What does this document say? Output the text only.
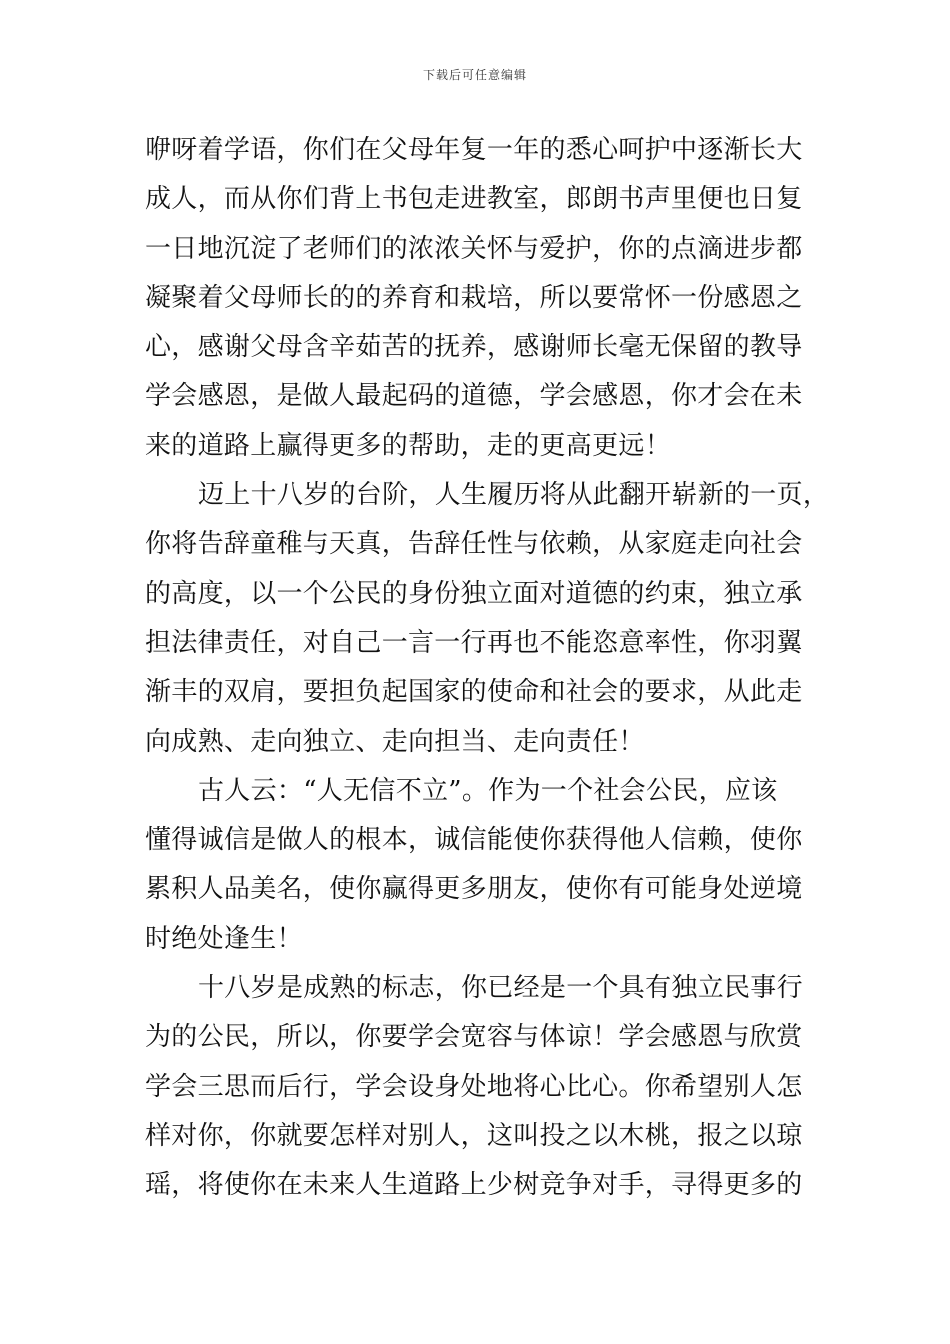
下载后可任意编辑
咿呀着学语，你们在父母年复一年的悉心呵护中逐渐长大
成人，而从你们背上书包走进教室，郎朗书声里便也日复
一日地沉淀了老师们的浓浓关怀与爱护，你的点滴进步都
凝聚着父母师长的的养育和栽培，所以要常怀一份感恩之
心，感谢父母含辛茹苦的抚养，感谢师长毫无保留的教导
学会感恩，是做人最起码的道德，学会感恩，你才会在未
来的道路上赢得更多的帮助，走的更高更远！
迈上十八岁的台阶，人生履历将从此翻开崭新的一页，
你将告辞童稚与天真，告辞任性与依赖，从家庭走向社会
的高度，以一个公民的身份独立面对道德的约束，独立承
担法律责任，对自己一言一行再也不能恣意率性，你羽翼
渐丰的双肩，要担负起国家的使命和社会的要求，从此走
向成熟、走向独立、走向担当、走向责任！
古人云：“人无信不立”。作为一个社会公民，应该
懂得诚信是做人的根本，诚信能使你获得他人信赖，使你
累积人品美名，使你赢得更多朋友，使你有可能身处逆境
时绝处逢生！
十八岁是成熟的标志，你已经是一个具有独立民事行
为的公民，所以，你要学会宽容与体谅！学会感恩与欣赏
学会三思而后行，学会设身处地将心比心。你希望别人怎
样对你，你就要怎样对别人，这叫投之以木桃，报之以琼
瑶，将使你在未来人生道路上少树竞争对手，寻得更多的
